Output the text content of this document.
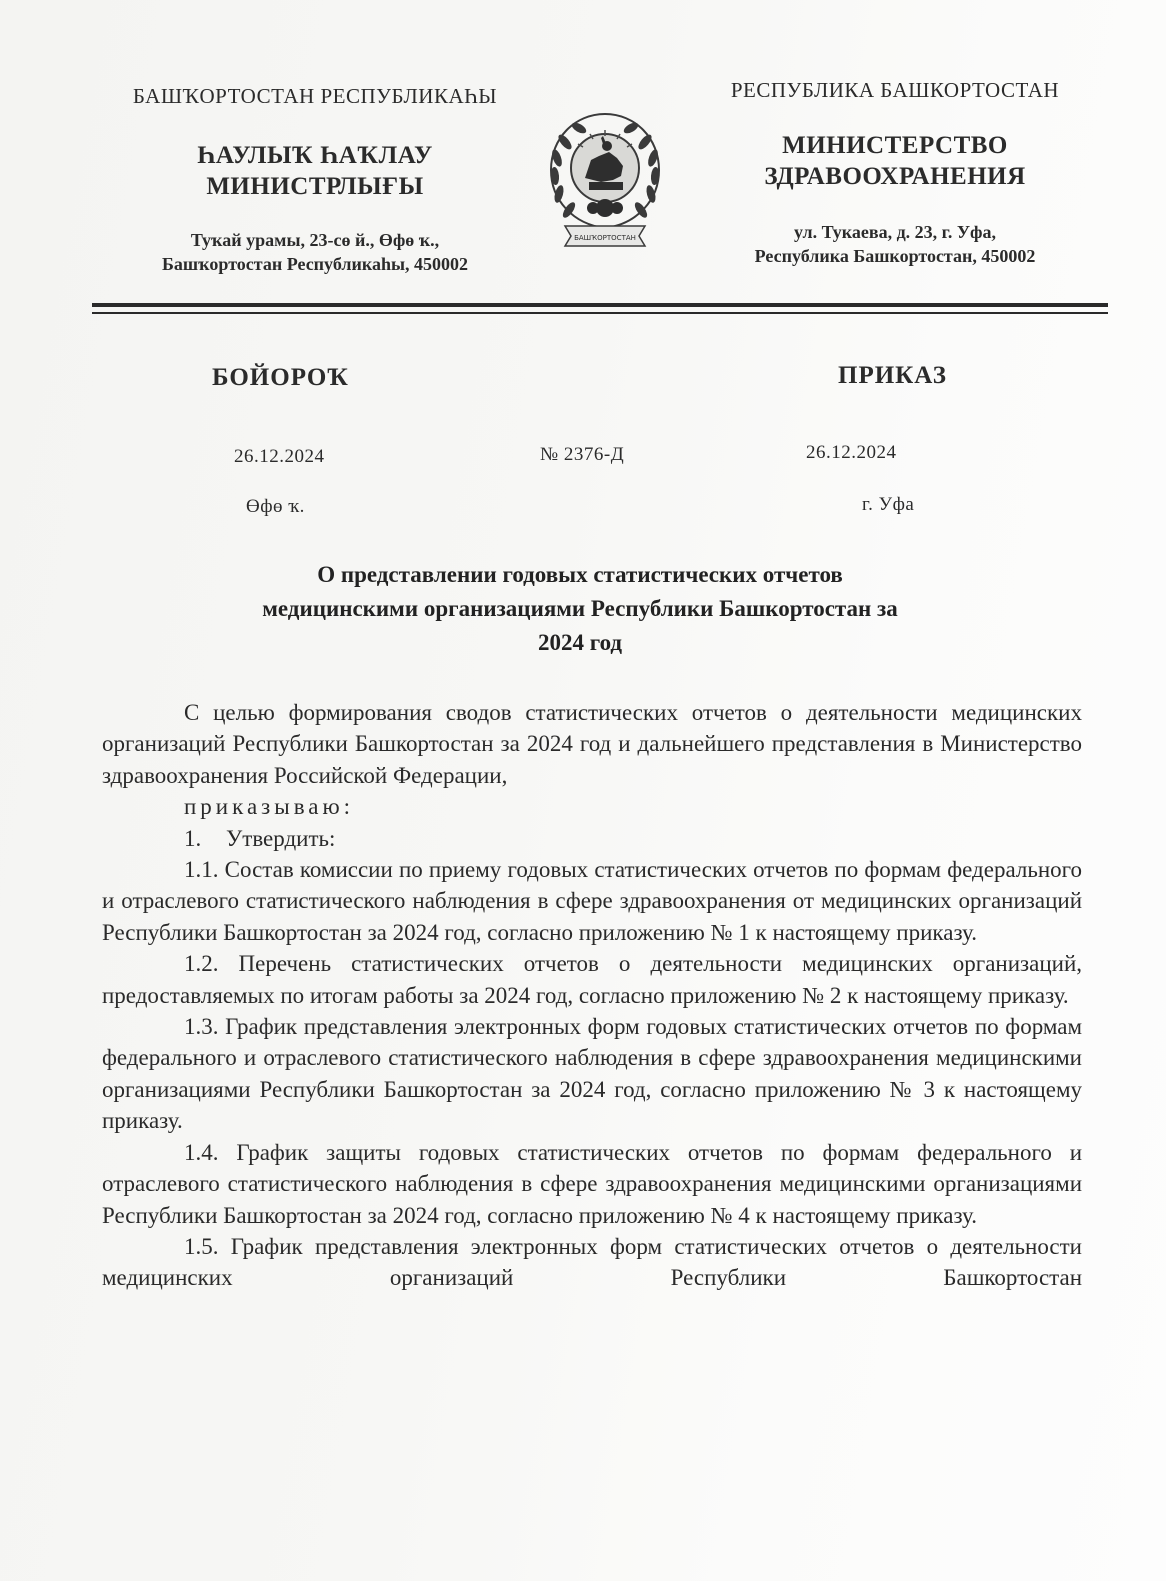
БАШҠОРТОСТАН РЕСПУБЛИКАҺЫ
ҺАУЛЫҠ ҺАҠЛАУ
МИНИСТРЛЫҒЫ
Туҡай урамы, 23-сө й., Өфө ҡ.,
Башҡортостан Республикаһы, 450002
БАШҠОРТОСТАН
РЕСПУБЛИКА БАШКОРТОСТАН
МИНИСТЕРСТВО
ЗДРАВООХРАНЕНИЯ
ул. Тукаева, д. 23, г. Уфа,
Республика Башкортостан, 450002
БОЙОРОҠ	ПРИКАЗ
26.12.2024	№ 2376-Д	26.12.2024
Өфө ҡ.	г. Уфа
О представлении годовых статистических отчетов
медицинскими организациями Республики Башкортостан за
2024 год

С целью формирования сводов статистических отчетов о деятельности медицинских организаций Республики Башкортостан за 2024 год и дальнейшего представления в Министерство здравоохранения Российской Федерации,

приказываю:

1. Утвердить:

1.1. Состав комиссии по приему годовых статистических отчетов по формам федерального и отраслевого статистического наблюдения в сфере здравоохранения от медицинских организаций Республики Башкортостан за 2024 год, согласно приложению № 1 к настоящему приказу.

1.2. Перечень статистических отчетов о деятельности медицинских организаций, предоставляемых по итогам работы за 2024 год, согласно приложению № 2 к настоящему приказу.

1.3. График представления электронных форм годовых статистических отчетов по формам федерального и отраслевого статистического наблюдения в сфере здравоохранения медицинскими организациями Республики Башкортостан за 2024 год, согласно приложению № 3 к настоящему приказу.

1.4. График защиты годовых статистических отчетов по формам федерального и отраслевого статистического наблюдения в сфере здравоохранения медицинскими организациями Республики Башкортостан за 2024 год, согласно приложению № 4 к настоящему приказу.

1.5. График представления электронных форм статистических отчетов о деятельности медицинских организаций Республики Башкортостан
